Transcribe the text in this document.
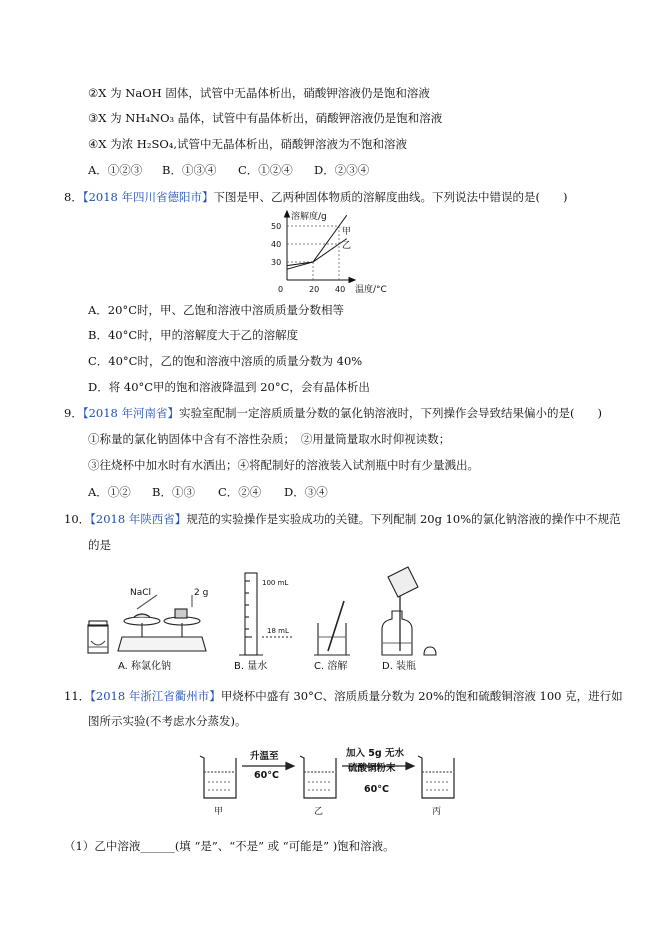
②X 为 NaOH 固体，试管中无晶体析出，硝酸钾溶液仍是饱和溶液
③X 为 NH₄NO₃ 晶体，试管中有晶体析出，硝酸钾溶液仍是饱和溶液
④X 为浓 H₂SO₄,试管中无晶体析出，硝酸钾溶液为不饱和溶液
A．①②③ B．①③④ C．①②④ D．②③④
8．【2018 年四川省德阳市】下图是甲、乙两种固体物质的溶解度曲线。下列说法中错误的是(　　)
50
40
30
0	20 40
溶解度/g
温度/°C
甲
乙
A．20°C时，甲、乙饱和溶液中溶质质量分数相等
B．40°C时，甲的溶解度大于乙的溶解度
C．40°C时，乙的饱和溶液中溶质的质量分数为 40%
D．将 40°C甲的饱和溶液降温到 20°C，会有晶体析出
9．【2018 年河南省】实验室配制一定溶质质量分数的氯化钠溶液时，下列操作会导致结果偏小的是(　　)
①称量的氯化钠固体中含有不溶性杂质；　②用量筒量取水时仰视读数；
③往烧杯中加水时有水洒出；④将配制好的溶液装入试剂瓶中时有少量溅出。
A．①② B．①③ C．②④ D．③④
10．【2018 年陕西省】规范的实验操作是实验成功的关键。下列配制 20g 10%的氯化钠溶液的操作中不规范
的是
NaCl	2 g
100 mL
18 mL
A. 称氯化钠	B. 量水	C. 溶解	D. 装瓶
11．【2018 年浙江省衢州市】甲烧杯中盛有 30°C、溶质质量分数为 20%的饱和硫酸铜溶液 100 克，进行如
图所示实验(不考虑水分蒸发)。
升温至
60°C
加入 5g 无水
硫酸铜粉末
60°C
甲	乙	丙
（1）乙中溶液______(填 “是”、“不是” 或 “可能是” )饱和溶液。
